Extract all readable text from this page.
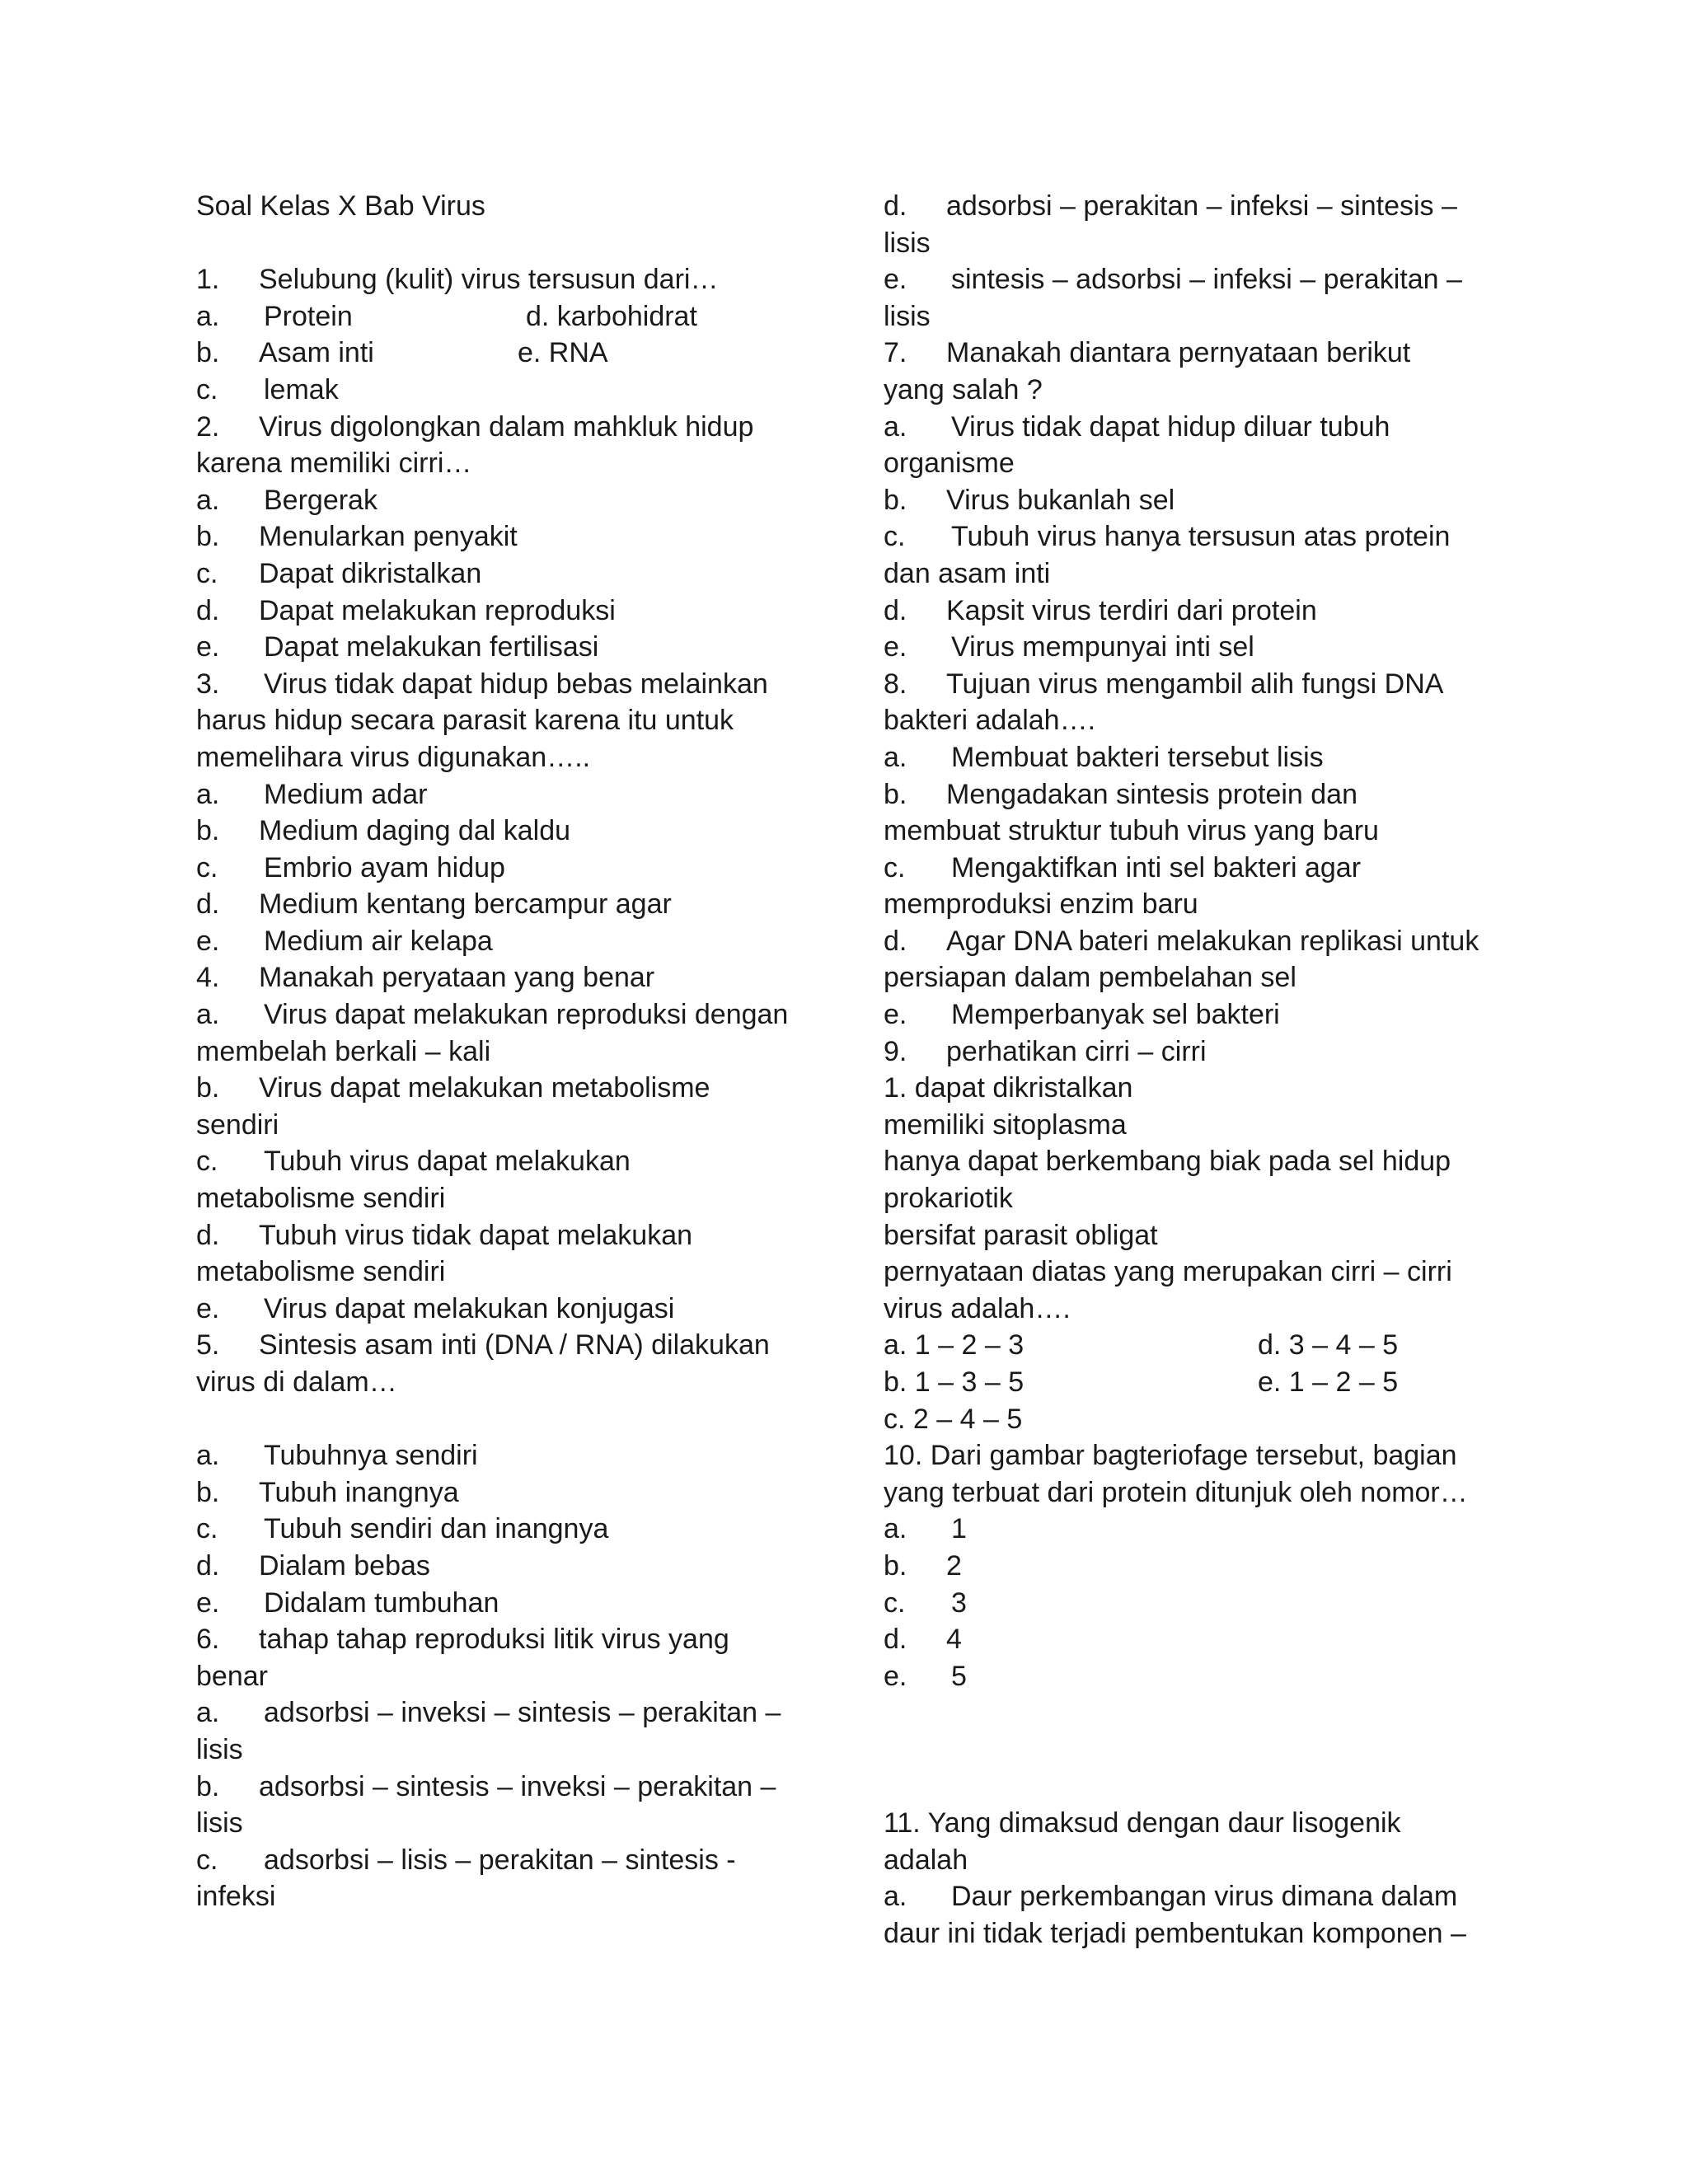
Soal Kelas X Bab Virus
1. Selubung (kulit) virus tersusun dari…
a. Protein	d. karbohidrat
b. Asam inti	e. RNA
c. lemak
2. Virus digolongkan dalam mahkluk hidup
karena memiliki cirri…
a. Bergerak
b. Menularkan penyakit
c. Dapat dikristalkan
d. Dapat melakukan reproduksi
e. Dapat melakukan fertilisasi
3. Virus tidak dapat hidup bebas melainkan
harus hidup secara parasit karena itu untuk
memelihara virus digunakan…..
a. Medium adar
b. Medium daging dal kaldu
c. Embrio ayam hidup
d. Medium kentang bercampur agar
e. Medium air kelapa
4. Manakah peryataan yang benar
a. Virus dapat melakukan reproduksi dengan
membelah berkali – kali
b. Virus dapat melakukan metabolisme
sendiri
c. Tubuh virus dapat melakukan
metabolisme sendiri
d. Tubuh virus tidak dapat melakukan
metabolisme sendiri
e. Virus dapat melakukan konjugasi
5. Sintesis asam inti (DNA / RNA) dilakukan
virus di dalam…
a. Tubuhnya sendiri
b. Tubuh inangnya
c. Tubuh sendiri dan inangnya
d. Dialam bebas
e. Didalam tumbuhan
6. tahap tahap reproduksi litik virus yang
benar
a. adsorbsi – inveksi – sintesis – perakitan –
lisis
b. adsorbsi – sintesis – inveksi – perakitan –
lisis
c. adsorbsi – lisis – perakitan – sintesis -
infeksi
d. adsorbsi – perakitan – infeksi – sintesis –
lisis
e. sintesis – adsorbsi – infeksi – perakitan –
lisis
7. Manakah diantara pernyataan berikut
yang salah ?
a. Virus tidak dapat hidup diluar tubuh
organisme
b. Virus bukanlah sel
c. Tubuh virus hanya tersusun atas protein
dan asam inti
d. Kapsit virus terdiri dari protein
e. Virus mempunyai inti sel
8. Tujuan virus mengambil alih fungsi DNA
bakteri adalah….
a. Membuat bakteri tersebut lisis
b. Mengadakan sintesis protein dan
membuat struktur tubuh virus yang baru
c. Mengaktifkan inti sel bakteri agar
memproduksi enzim baru
d. Agar DNA bateri melakukan replikasi untuk
persiapan dalam pembelahan sel
e. Memperbanyak sel bakteri
9. perhatikan cirri – cirri
1. dapat dikristalkan
memiliki sitoplasma
hanya dapat berkembang biak pada sel hidup
prokariotik
bersifat parasit obligat
pernyataan diatas yang merupakan cirri – cirri
virus adalah….
a. 1 – 2 – 3	d. 3 – 4 – 5
b. 1 – 3 – 5	e. 1 – 2 – 5
c. 2 – 4 – 5
10. Dari gambar bagteriofage tersebut, bagian
yang terbuat dari protein ditunjuk oleh nomor…
a. 1
b. 2
c. 3
d. 4
e. 5
11. Yang dimaksud dengan daur lisogenik
adalah
a. Daur perkembangan virus dimana dalam
daur ini tidak terjadi pembentukan komponen –
